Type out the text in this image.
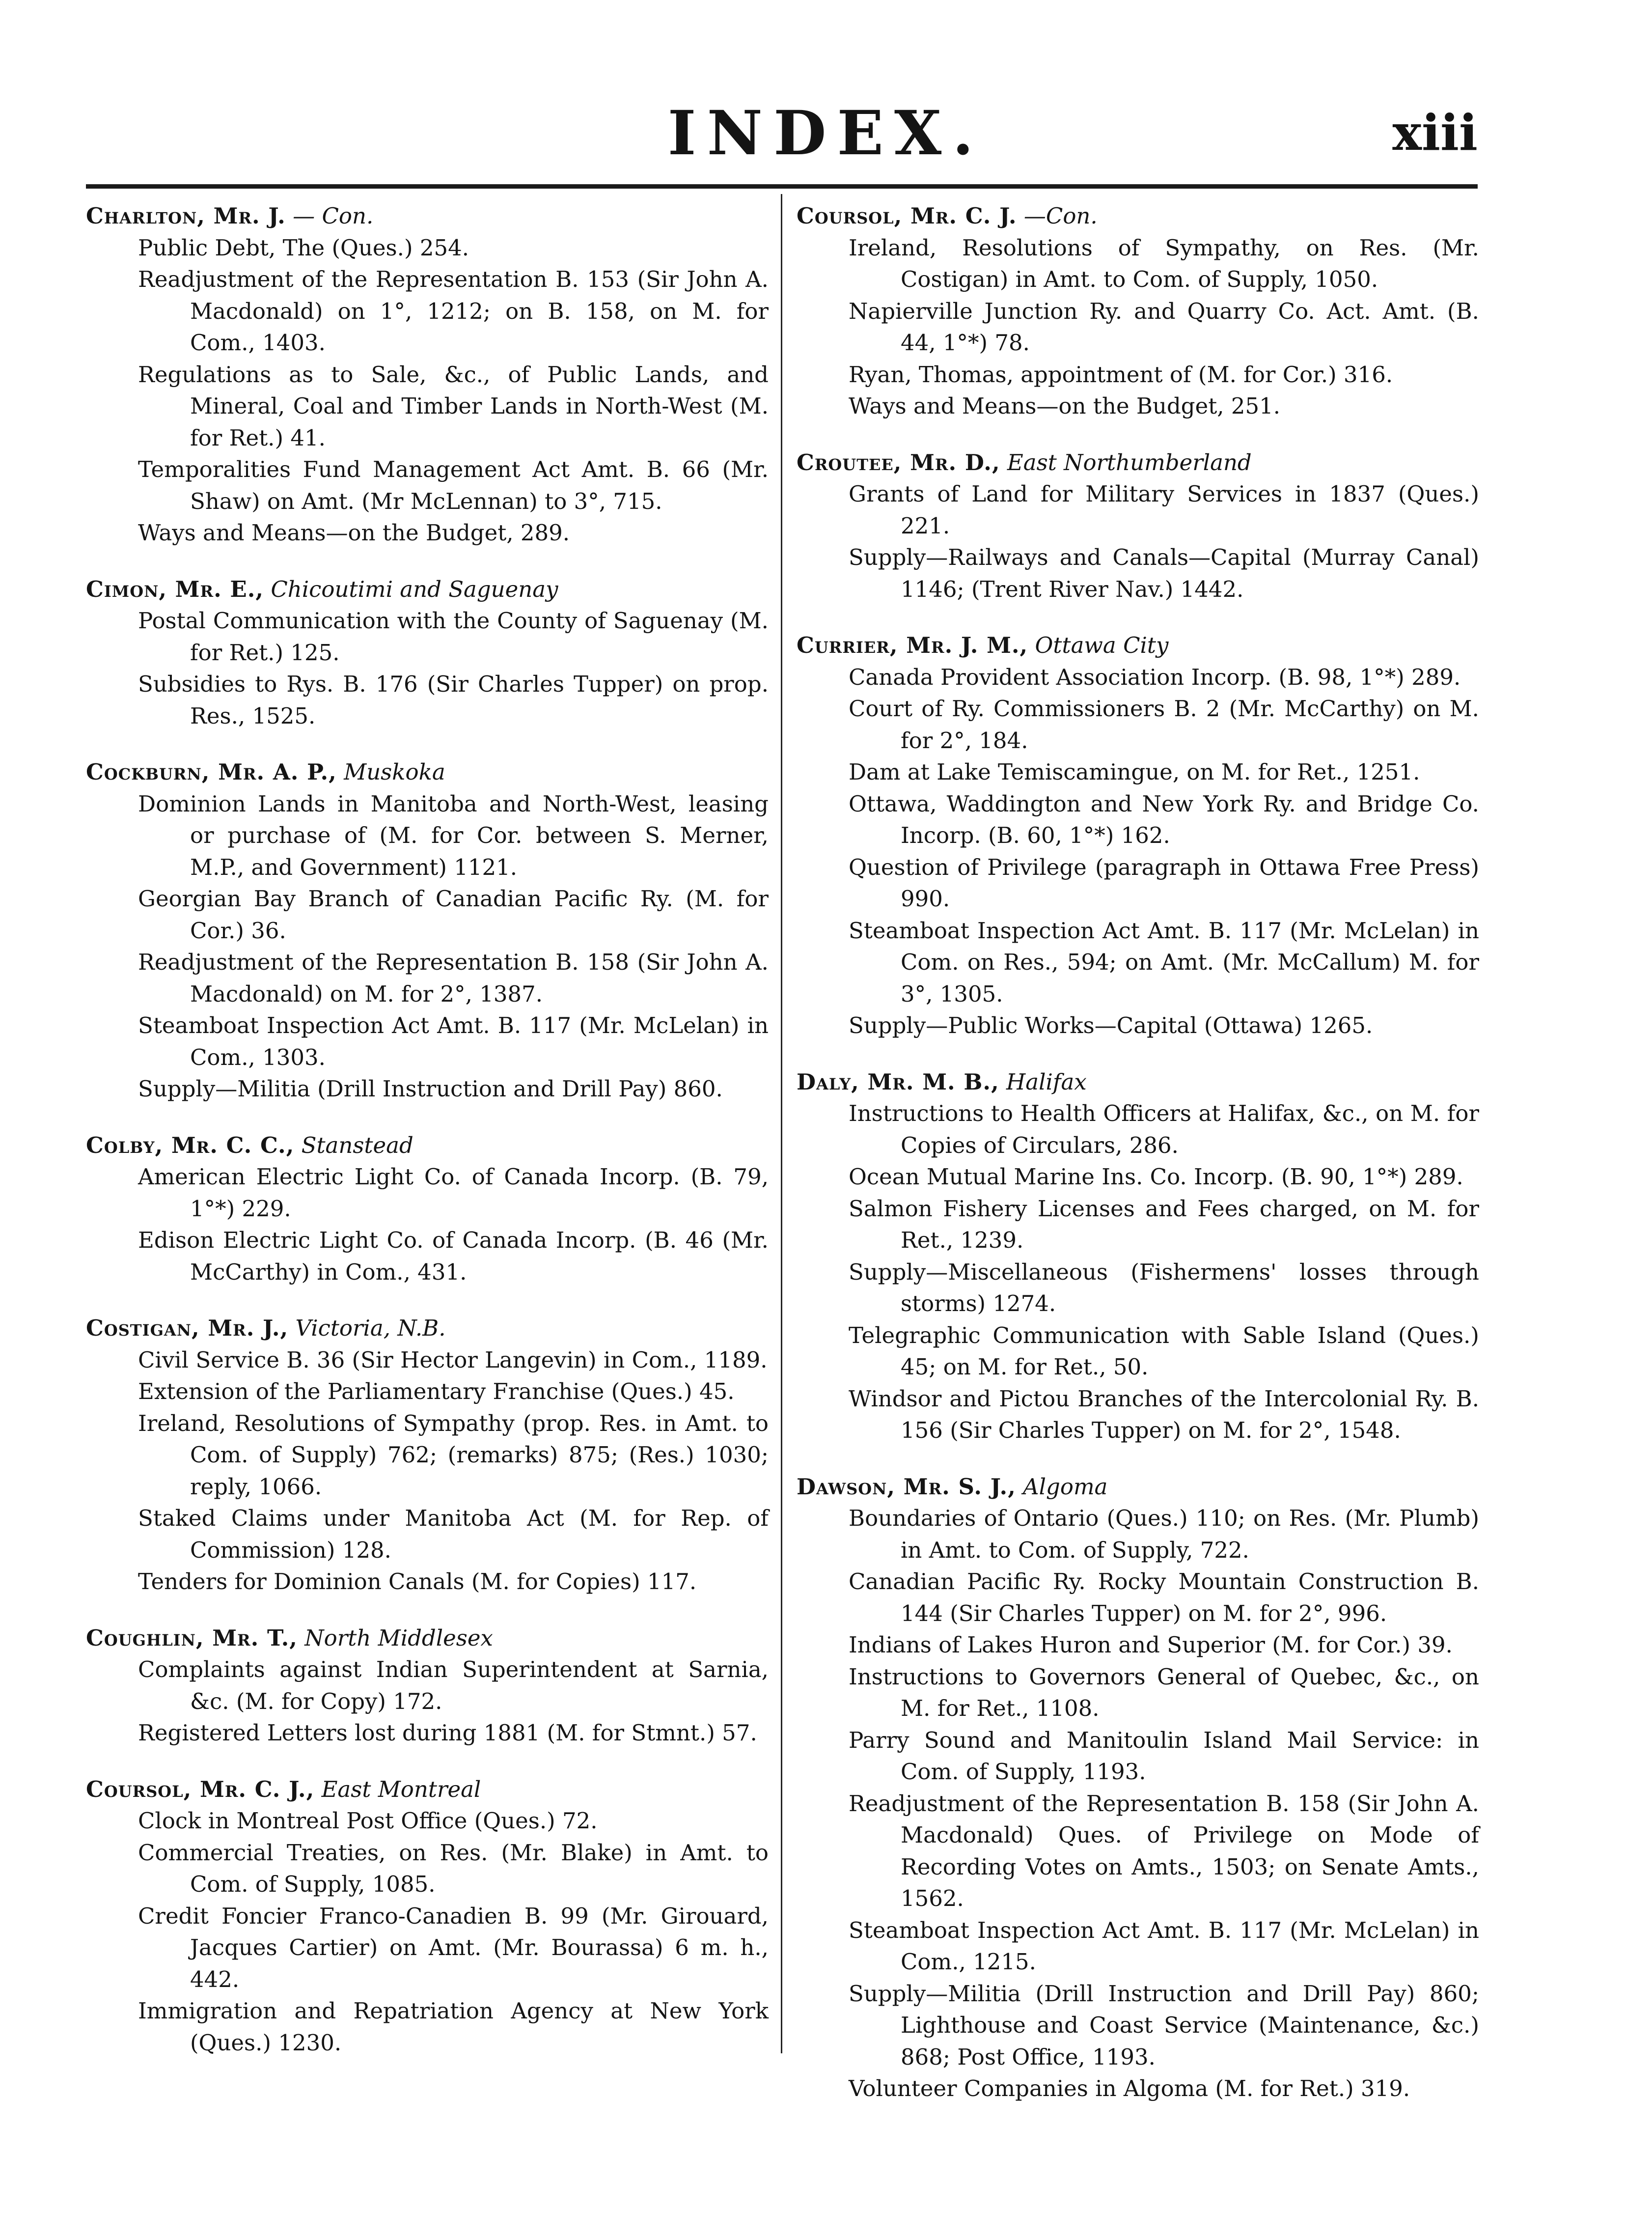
INDEX.	xiii

Charlton, Mr. J. — Con.

Public Debt, The (Ques.) 254.

Readjustment of the Representation B. 153 (Sir John A. Macdonald) on 1°, 1212; on B. 158, on M. for Com., 1403.

Regulations as to Sale, &c., of Public Lands, and Mineral, Coal and Timber Lands in North-West (M. for Ret.) 41.

Temporalities Fund Management Act Amt. B. 66 (Mr. Shaw) on Amt. (Mr McLennan) to 3°, 715.

Ways and Means—on the Budget, 289.

Cimon, Mr. E., Chicoutimi and Saguenay

Postal Communication with the County of Saguenay (M. for Ret.) 125.

Subsidies to Rys. B. 176 (Sir Charles Tupper) on prop. Res., 1525.

Cockburn, Mr. A. P., Muskoka

Dominion Lands in Manitoba and North-West, leasing or purchase of (M. for Cor. between S. Merner, M.P., and Government) 1121.

Georgian Bay Branch of Canadian Pacific Ry. (M. for Cor.) 36.

Readjustment of the Representation B. 158 (Sir John A. Macdonald) on M. for 2°, 1387.

Steamboat Inspection Act Amt. B. 117 (Mr. McLelan) in Com., 1303.

Supply—Militia (Drill Instruction and Drill Pay) 860.

Colby, Mr. C. C., Stanstead

American Electric Light Co. of Canada Incorp. (B. 79, 1°*) 229.

Edison Electric Light Co. of Canada Incorp. (B. 46 (Mr. McCarthy) in Com., 431.

Costigan, Mr. J., Victoria, N.B.

Civil Service B. 36 (Sir Hector Langevin) in Com., 1189.

Extension of the Parliamentary Franchise (Ques.) 45.

Ireland, Resolutions of Sympathy (prop. Res. in Amt. to Com. of Supply) 762; (remarks) 875; (Res.) 1030; reply, 1066.

Staked Claims under Manitoba Act (M. for Rep. of Commission) 128.

Tenders for Dominion Canals (M. for Copies) 117.

Coughlin, Mr. T., North Middlesex

Complaints against Indian Superintendent at Sarnia, &c. (M. for Copy) 172.

Registered Letters lost during 1881 (M. for Stmnt.) 57.

Coursol, Mr. C. J., East Montreal

Clock in Montreal Post Office (Ques.) 72.

Commercial Treaties, on Res. (Mr. Blake) in Amt. to Com. of Supply, 1085.

Credit Foncier Franco-Canadien B. 99 (Mr. Girouard, Jacques Cartier) on Amt. (Mr. Bourassa) 6 m. h., 442.

Immigration and Repatriation Agency at New York (Ques.) 1230.

Coursol, Mr. C. J. —Con.

Ireland, Resolutions of Sympathy, on Res. (Mr. Costigan) in Amt. to Com. of Supply, 1050.

Napierville Junction Ry. and Quarry Co. Act. Amt. (B. 44, 1°*) 78.

Ryan, Thomas, appointment of (M. for Cor.) 316.

Ways and Means—on the Budget, 251.

Croutee, Mr. D., East Northumberland

Grants of Land for Military Services in 1837 (Ques.) 221.

Supply—Railways and Canals—Capital (Murray Canal) 1146; (Trent River Nav.) 1442.

Currier, Mr. J. M., Ottawa City

Canada Provident Association Incorp. (B. 98, 1°*) 289.

Court of Ry. Commissioners B. 2 (Mr. McCarthy) on M. for 2°, 184.

Dam at Lake Temiscamingue, on M. for Ret., 1251.

Ottawa, Waddington and New York Ry. and Bridge Co. Incorp. (B. 60, 1°*) 162.

Question of Privilege (paragraph in Ottawa Free Press) 990.

Steamboat Inspection Act Amt. B. 117 (Mr. McLelan) in Com. on Res., 594; on Amt. (Mr. McCallum) M. for 3°, 1305.

Supply—Public Works—Capital (Ottawa) 1265.

Daly, Mr. M. B., Halifax

Instructions to Health Officers at Halifax, &c., on M. for Copies of Circulars, 286.

Ocean Mutual Marine Ins. Co. Incorp. (B. 90, 1°*) 289.

Salmon Fishery Licenses and Fees charged, on M. for Ret., 1239.

Supply—Miscellaneous (Fishermens' losses through storms) 1274.

Telegraphic Communication with Sable Island (Ques.) 45; on M. for Ret., 50.

Windsor and Pictou Branches of the Intercolonial Ry. B. 156 (Sir Charles Tupper) on M. for 2°, 1548.

Dawson, Mr. S. J., Algoma

Boundaries of Ontario (Ques.) 110; on Res. (Mr. Plumb) in Amt. to Com. of Supply, 722.

Canadian Pacific Ry. Rocky Mountain Construction B. 144 (Sir Charles Tupper) on M. for 2°, 996.

Indians of Lakes Huron and Superior (M. for Cor.) 39.

Instructions to Governors General of Quebec, &c., on M. for Ret., 1108.

Parry Sound and Manitoulin Island Mail Service: in Com. of Supply, 1193.

Readjustment of the Representation B. 158 (Sir John A. Macdonald) Ques. of Privilege on Mode of Recording Votes on Amts., 1503; on Senate Amts., 1562.

Steamboat Inspection Act Amt. B. 117 (Mr. McLelan) in Com., 1215.

Supply—Militia (Drill Instruction and Drill Pay) 860; Lighthouse and Coast Service (Maintenance, &c.) 868; Post Office, 1193.

Volunteer Companies in Algoma (M. for Ret.) 319.
